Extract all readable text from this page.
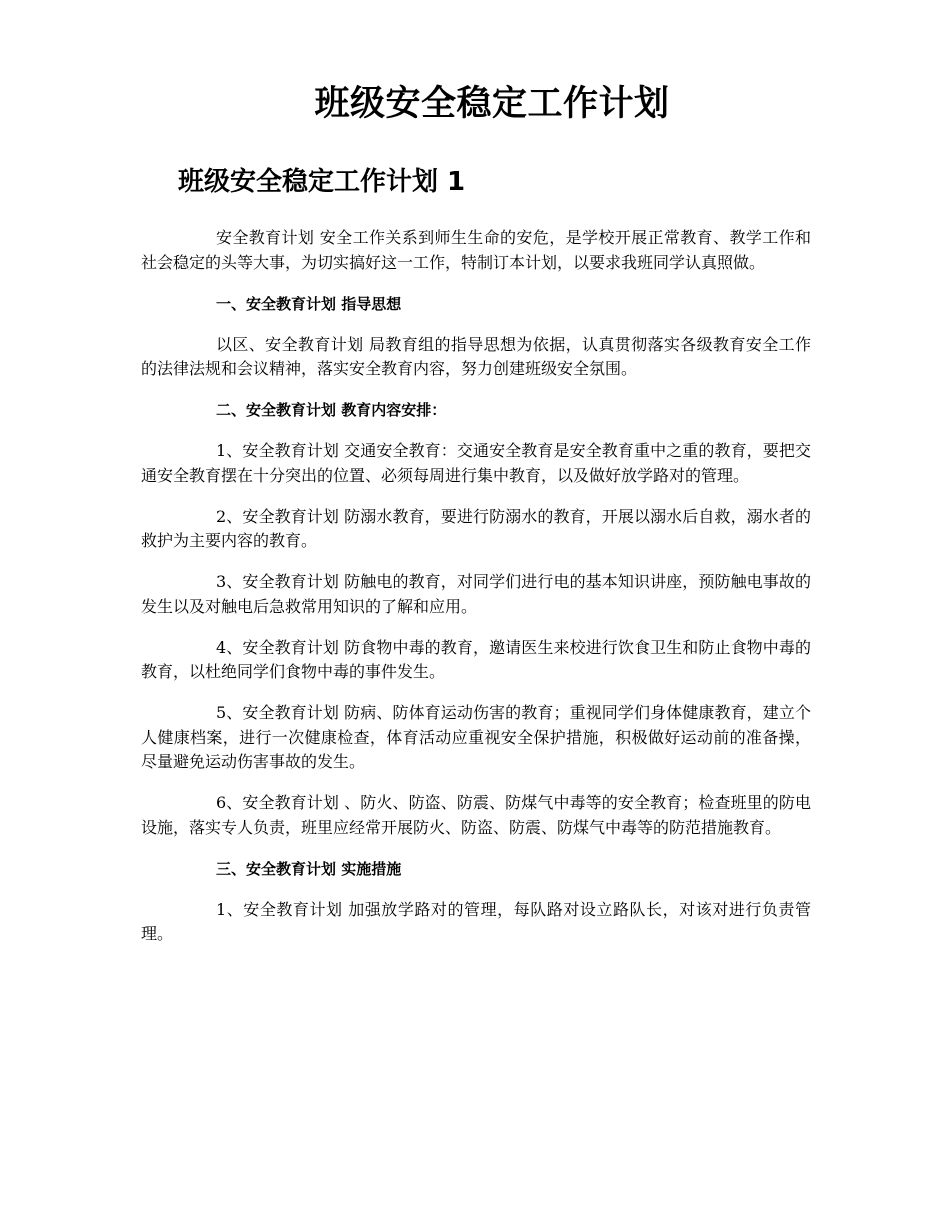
班级安全稳定工作计划
班级安全稳定工作计划 1

安全教育计划 安全工作关系到师生生命的安危，是学校开展正常教育、教学工作和社会稳定的头等大事，为切实搞好这一工作，特制订本计划，以要求我班同学认真照做。

一、安全教育计划 指导思想

以区、安全教育计划 局教育组的指导思想为依据，认真贯彻落实各级教育安全工作的法律法规和会议精神，落实安全教育内容，努力创建班级安全氛围。

二、安全教育计划 教育内容安排：

1、安全教育计划 交通安全教育：交通安全教育是安全教育重中之重的教育，要把交通安全教育摆在十分突出的位置、必须每周进行集中教育，以及做好放学路对的管理。

2、安全教育计划 防溺水教育，要进行防溺水的教育，开展以溺水后自救，溺水者的救护为主要内容的教育。

3、安全教育计划 防触电的教育，对同学们进行电的基本知识讲座，预防触电事故的发生以及对触电后急救常用知识的了解和应用。

4、安全教育计划 防食物中毒的教育，邀请医生来校进行饮食卫生和防止食物中毒的教育，以杜绝同学们食物中毒的事件发生。

5、安全教育计划 防病、防体育运动伤害的教育；重视同学们身体健康教育，建立个人健康档案，进行一次健康检查，体育活动应重视安全保护措施，积极做好运动前的准备操，尽量避免运动伤害事故的发生。

6、安全教育计划 、防火、防盗、防震、防煤气中毒等的安全教育；检查班里的防电设施，落实专人负责，班里应经常开展防火、防盗、防震、防煤气中毒等的防范措施教育。

三、安全教育计划 实施措施

1、安全教育计划 加强放学路对的管理，每队路对设立路队长，对该对进行负责管理。
